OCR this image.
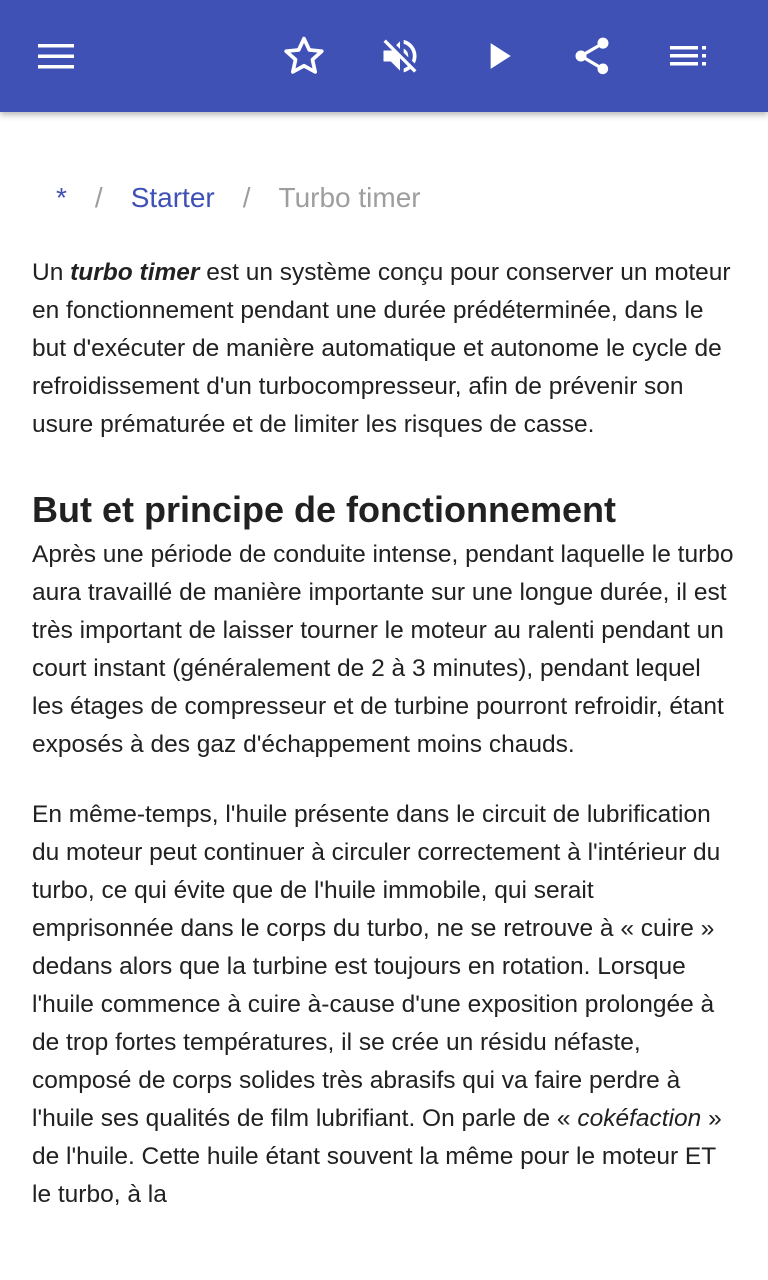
* / Starter / Turbo timer

Un turbo timer est un système conçu pour conserver un moteur en fonctionnement pendant une durée prédéterminée, dans le but d'exécuter de manière automatique et autonome le cycle de refroidissement d'un turbocompresseur, afin de prévenir son usure prématurée et de limiter les risques de casse.

But et principe de fonctionnement

Après une période de conduite intense, pendant laquelle le turbo aura travaillé de manière importante sur une longue durée, il est très important de laisser tourner le moteur au ralenti pendant un court instant (généralement de 2 à 3 minutes), pendant lequel les étages de compresseur et de turbine pourront refroidir, étant exposés à des gaz d'échappement moins chauds.

En même-temps, l'huile présente dans le circuit de lubrification du moteur peut continuer à circuler correctement à l'intérieur du turbo, ce qui évite que de l'huile immobile, qui serait emprisonnée dans le corps du turbo, ne se retrouve à « cuire » dedans alors que la turbine est toujours en rotation. Lorsque l'huile commence à cuire à-cause d'une exposition prolongée à de trop fortes températures, il se crée un résidu néfaste, composé de corps solides très abrasifs qui va faire perdre à l'huile ses qualités de film lubrifiant. On parle de « cokéfaction » de l'huile. Cette huile étant souvent la même pour le moteur ET le turbo, à la
